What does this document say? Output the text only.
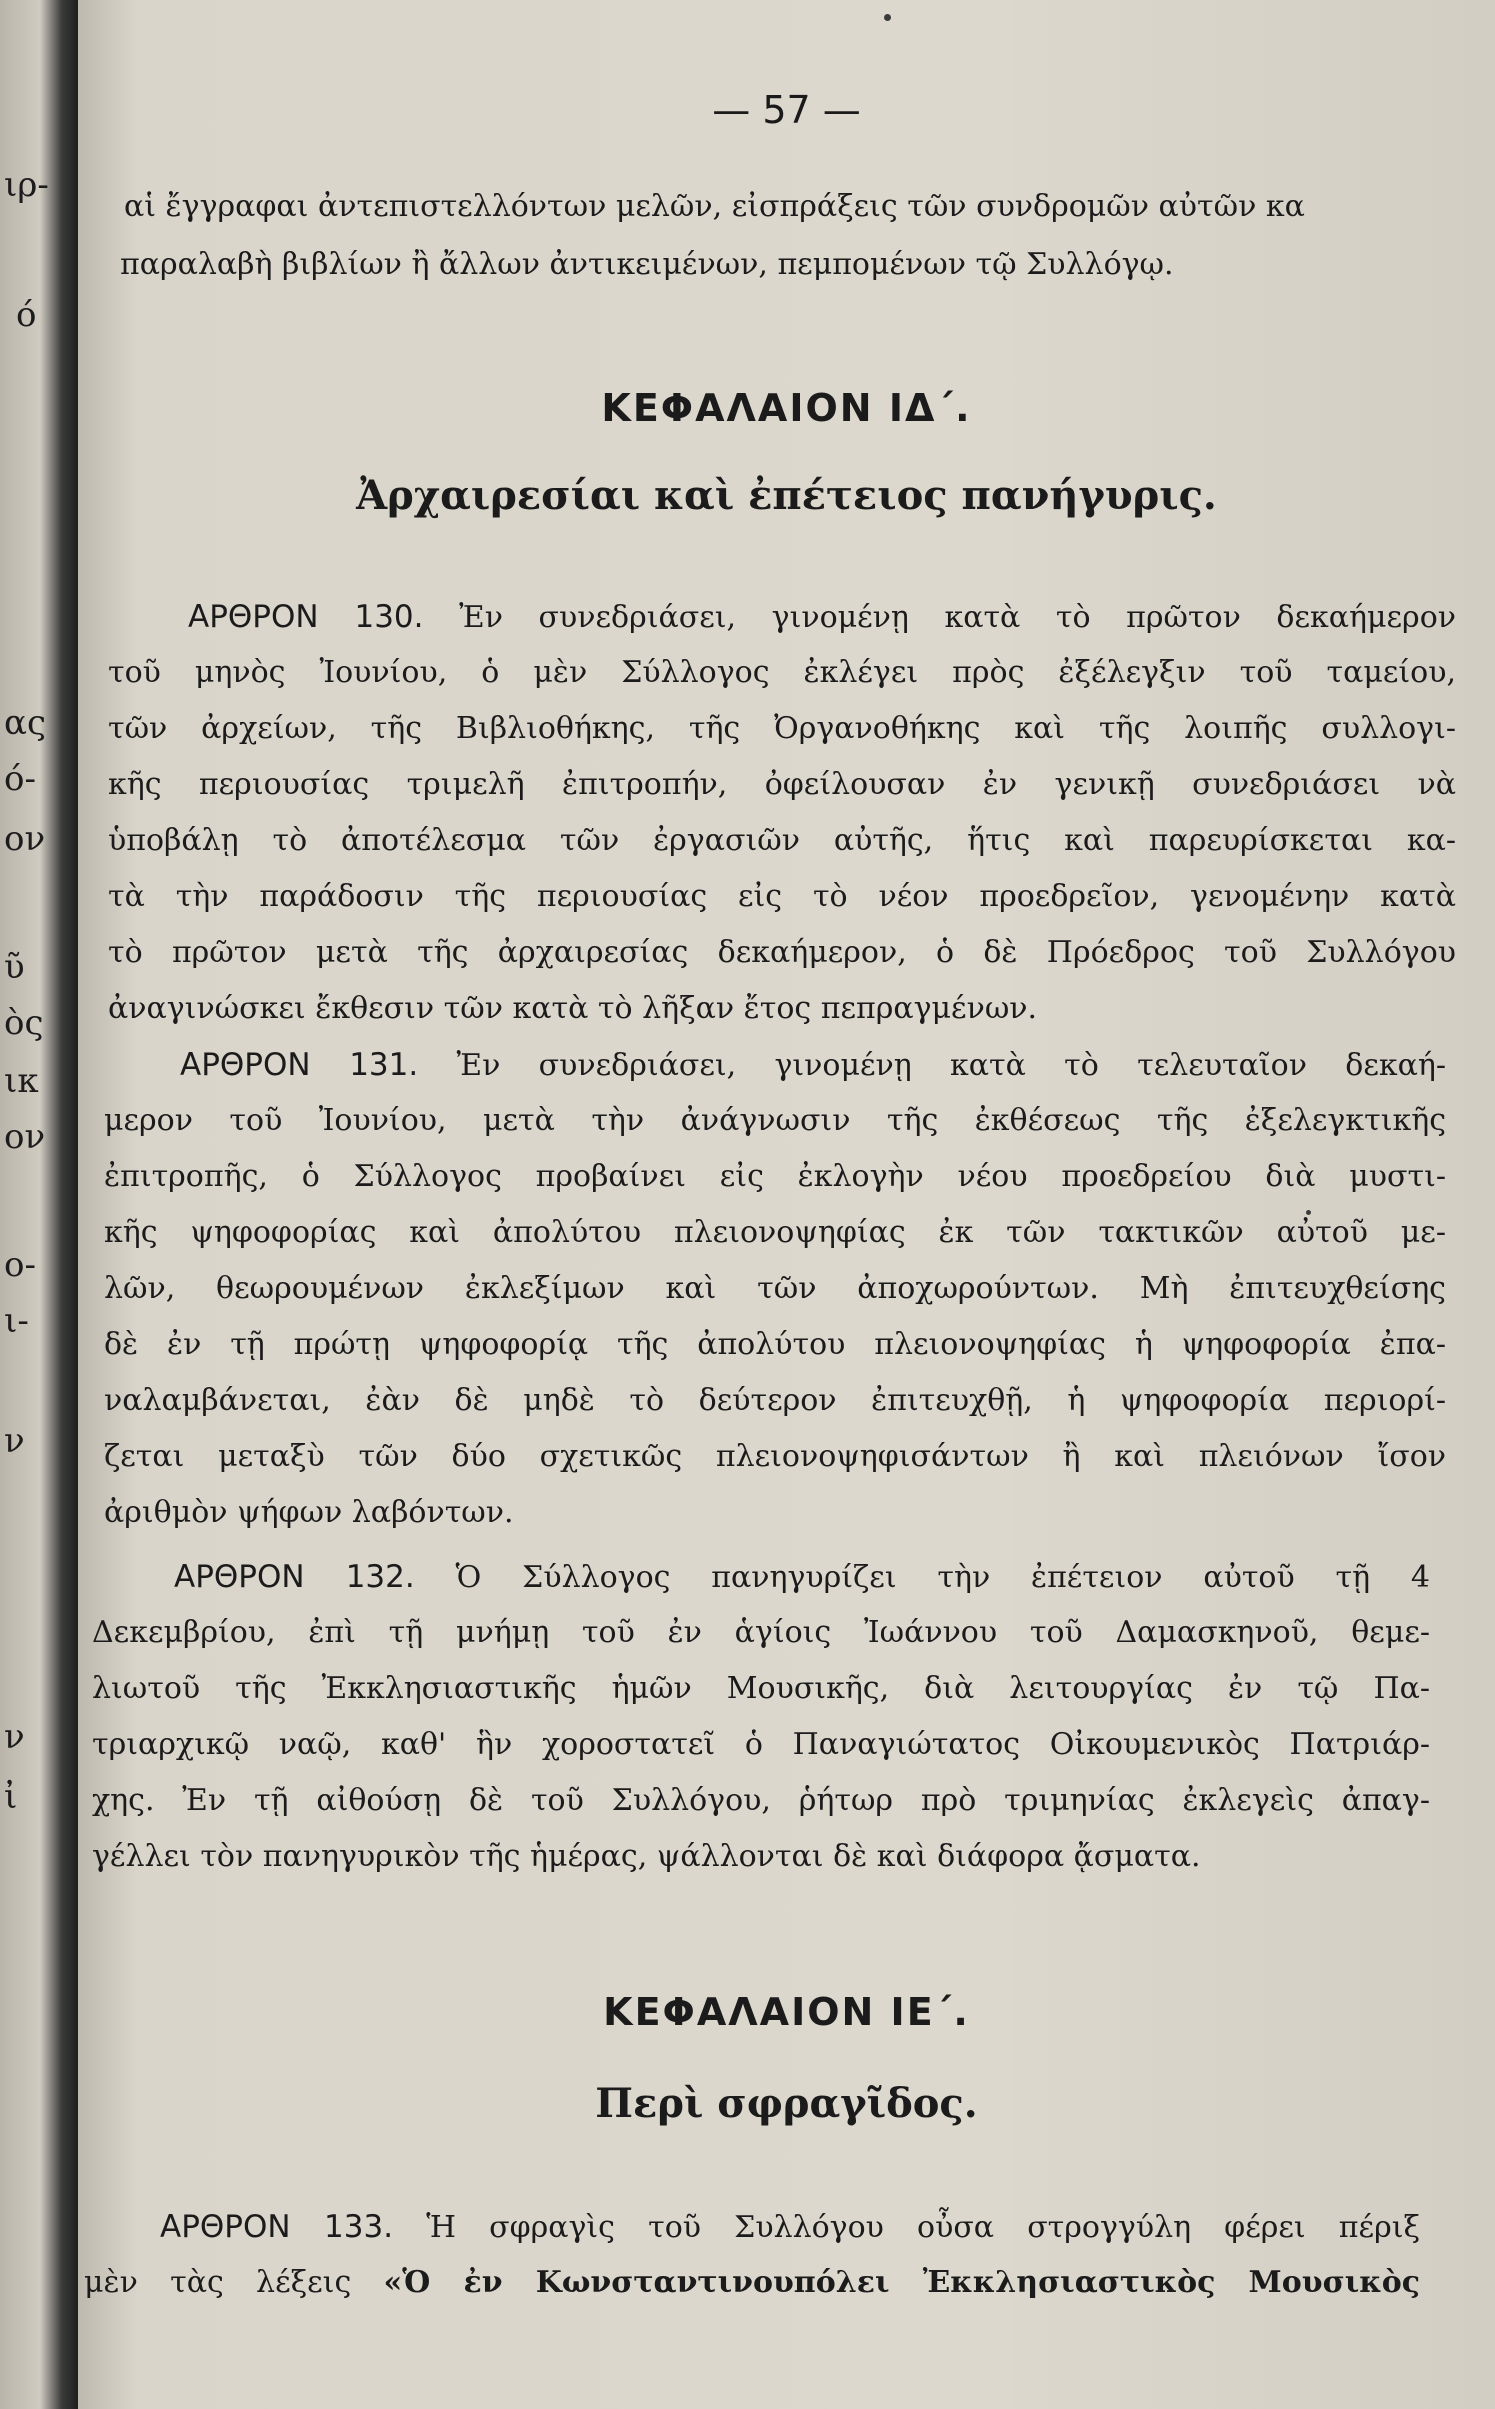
ιρ-
ό
ας
ό-
ον
ῦ
ὸς
ικ
ον
ο-
ι-
ν
ν
ἰ
— 57 —

αἱ ἔγγραφαι ἀντεπιστελλόντων μελῶν, εἰσπράξεις τῶν συνδρομῶν αὐτῶν κα

παραλαβὴ βιβλίων ἢ ἄλλων ἀντικειμένων, πεμπομένων τῷ Συλλόγῳ.

ΚΕΦΑΛΑΙΟΝ ΙΔ΄.
Ἀρχαιρεσίαι καὶ ἐπέτειος πανήγυρις.

ΑΡΘΡΟΝ 130. Ἐν συνεδριάσει, γινομένῃ κατὰ τὸ πρῶτον δεκαήμερον

τοῦ μηνὸς Ἰουνίου, ὁ μὲν Σύλλογος ἐκλέγει πρὸς ἐξέλεγξιν τοῦ ταμείου,

τῶν ἀρχείων, τῆς Βιβλιοθήκης, τῆς Ὀργανοθήκης καὶ τῆς λοιπῆς συλλογι-

κῆς περιουσίας τριμελῆ ἐπιτροπήν, ὀφείλουσαν ἐν γενικῇ συνεδριάσει νὰ

ὑποβάλῃ τὸ ἀποτέλεσμα τῶν ἐργασιῶν αὐτῆς, ἥτις καὶ παρευρίσκεται κα-

τὰ τὴν παράδοσιν τῆς περιουσίας εἰς τὸ νέον προεδρεῖον, γενομένην κατὰ

τὸ πρῶτον μετὰ τῆς ἀρχαιρεσίας δεκαήμερον, ὁ δὲ Πρόεδρος τοῦ Συλλόγου

ἀναγινώσκει ἔκθεσιν τῶν κατὰ τὸ λῆξαν ἔτος πεπραγμένων.

ΑΡΘΡΟΝ 131. Ἐν συνεδριάσει, γινομένῃ κατὰ τὸ τελευταῖον δεκαή-

μερον τοῦ Ἰουνίου, μετὰ τὴν ἀνάγνωσιν τῆς ἐκθέσεως τῆς ἐξελεγκτικῆς

ἐπιτροπῆς, ὁ Σύλλογος προβαίνει εἰς ἐκλογὴν νέου προεδρείου διὰ μυστι-

κῆς ψηφοφορίας καὶ ἀπολύτου πλειονοψηφίας ἐκ τῶν τακτικῶν αὐτοῦ με-

λῶν, θεωρουμένων ἐκλεξίμων καὶ τῶν ἀποχωρούντων. Μὴ ἐπιτευχθείσης

δὲ ἐν τῇ πρώτῃ ψηφοφορίᾳ τῆς ἀπολύτου πλειονοψηφίας ἡ ψηφοφορία ἐπα-

ναλαμβάνεται, ἐὰν δὲ μηδὲ τὸ δεύτερον ἐπιτευχθῇ, ἡ ψηφοφορία περιορί-

ζεται μεταξὺ τῶν δύο σχετικῶς πλειονοψηφισάντων ἢ καὶ πλειόνων ἴσον

ἀριθμὸν ψήφων λαβόντων.

ΑΡΘΡΟΝ 132. Ὁ Σύλλογος πανηγυρίζει τὴν ἐπέτειον αὐτοῦ τῇ 4

Δεκεμβρίου, ἐπὶ τῇ μνήμῃ τοῦ ἐν ἁγίοις Ἰωάννου τοῦ Δαμασκηνοῦ, θεμε-

λιωτοῦ τῆς Ἐκκλησιαστικῆς ἡμῶν Μουσικῆς, διὰ λειτουργίας ἐν τῷ Πα-

τριαρχικῷ ναῷ, καθ' ἣν χοροστατεῖ ὁ Παναγιώτατος Οἰκουμενικὸς Πατριάρ-

χης. Ἐν τῇ αἰθούσῃ δὲ τοῦ Συλλόγου, ῥήτωρ πρὸ τριμηνίας ἐκλεγεὶς ἀπαγ-

γέλλει τὸν πανηγυρικὸν τῆς ἡμέρας, ψάλλονται δὲ καὶ διάφορα ᾄσματα.

ΚΕΦΑΛΑΙΟΝ ΙΕ΄.
Περὶ σφραγῖδος.

ΑΡΘΡΟΝ 133. Ἡ σφραγὶς τοῦ Συλλόγου οὖσα στρογγύλη φέρει πέριξ

μὲν τὰς λέξεις «Ὁ ἐν Κωνσταντινουπόλει Ἐκκλησιαστικὸς Μουσικὸς
